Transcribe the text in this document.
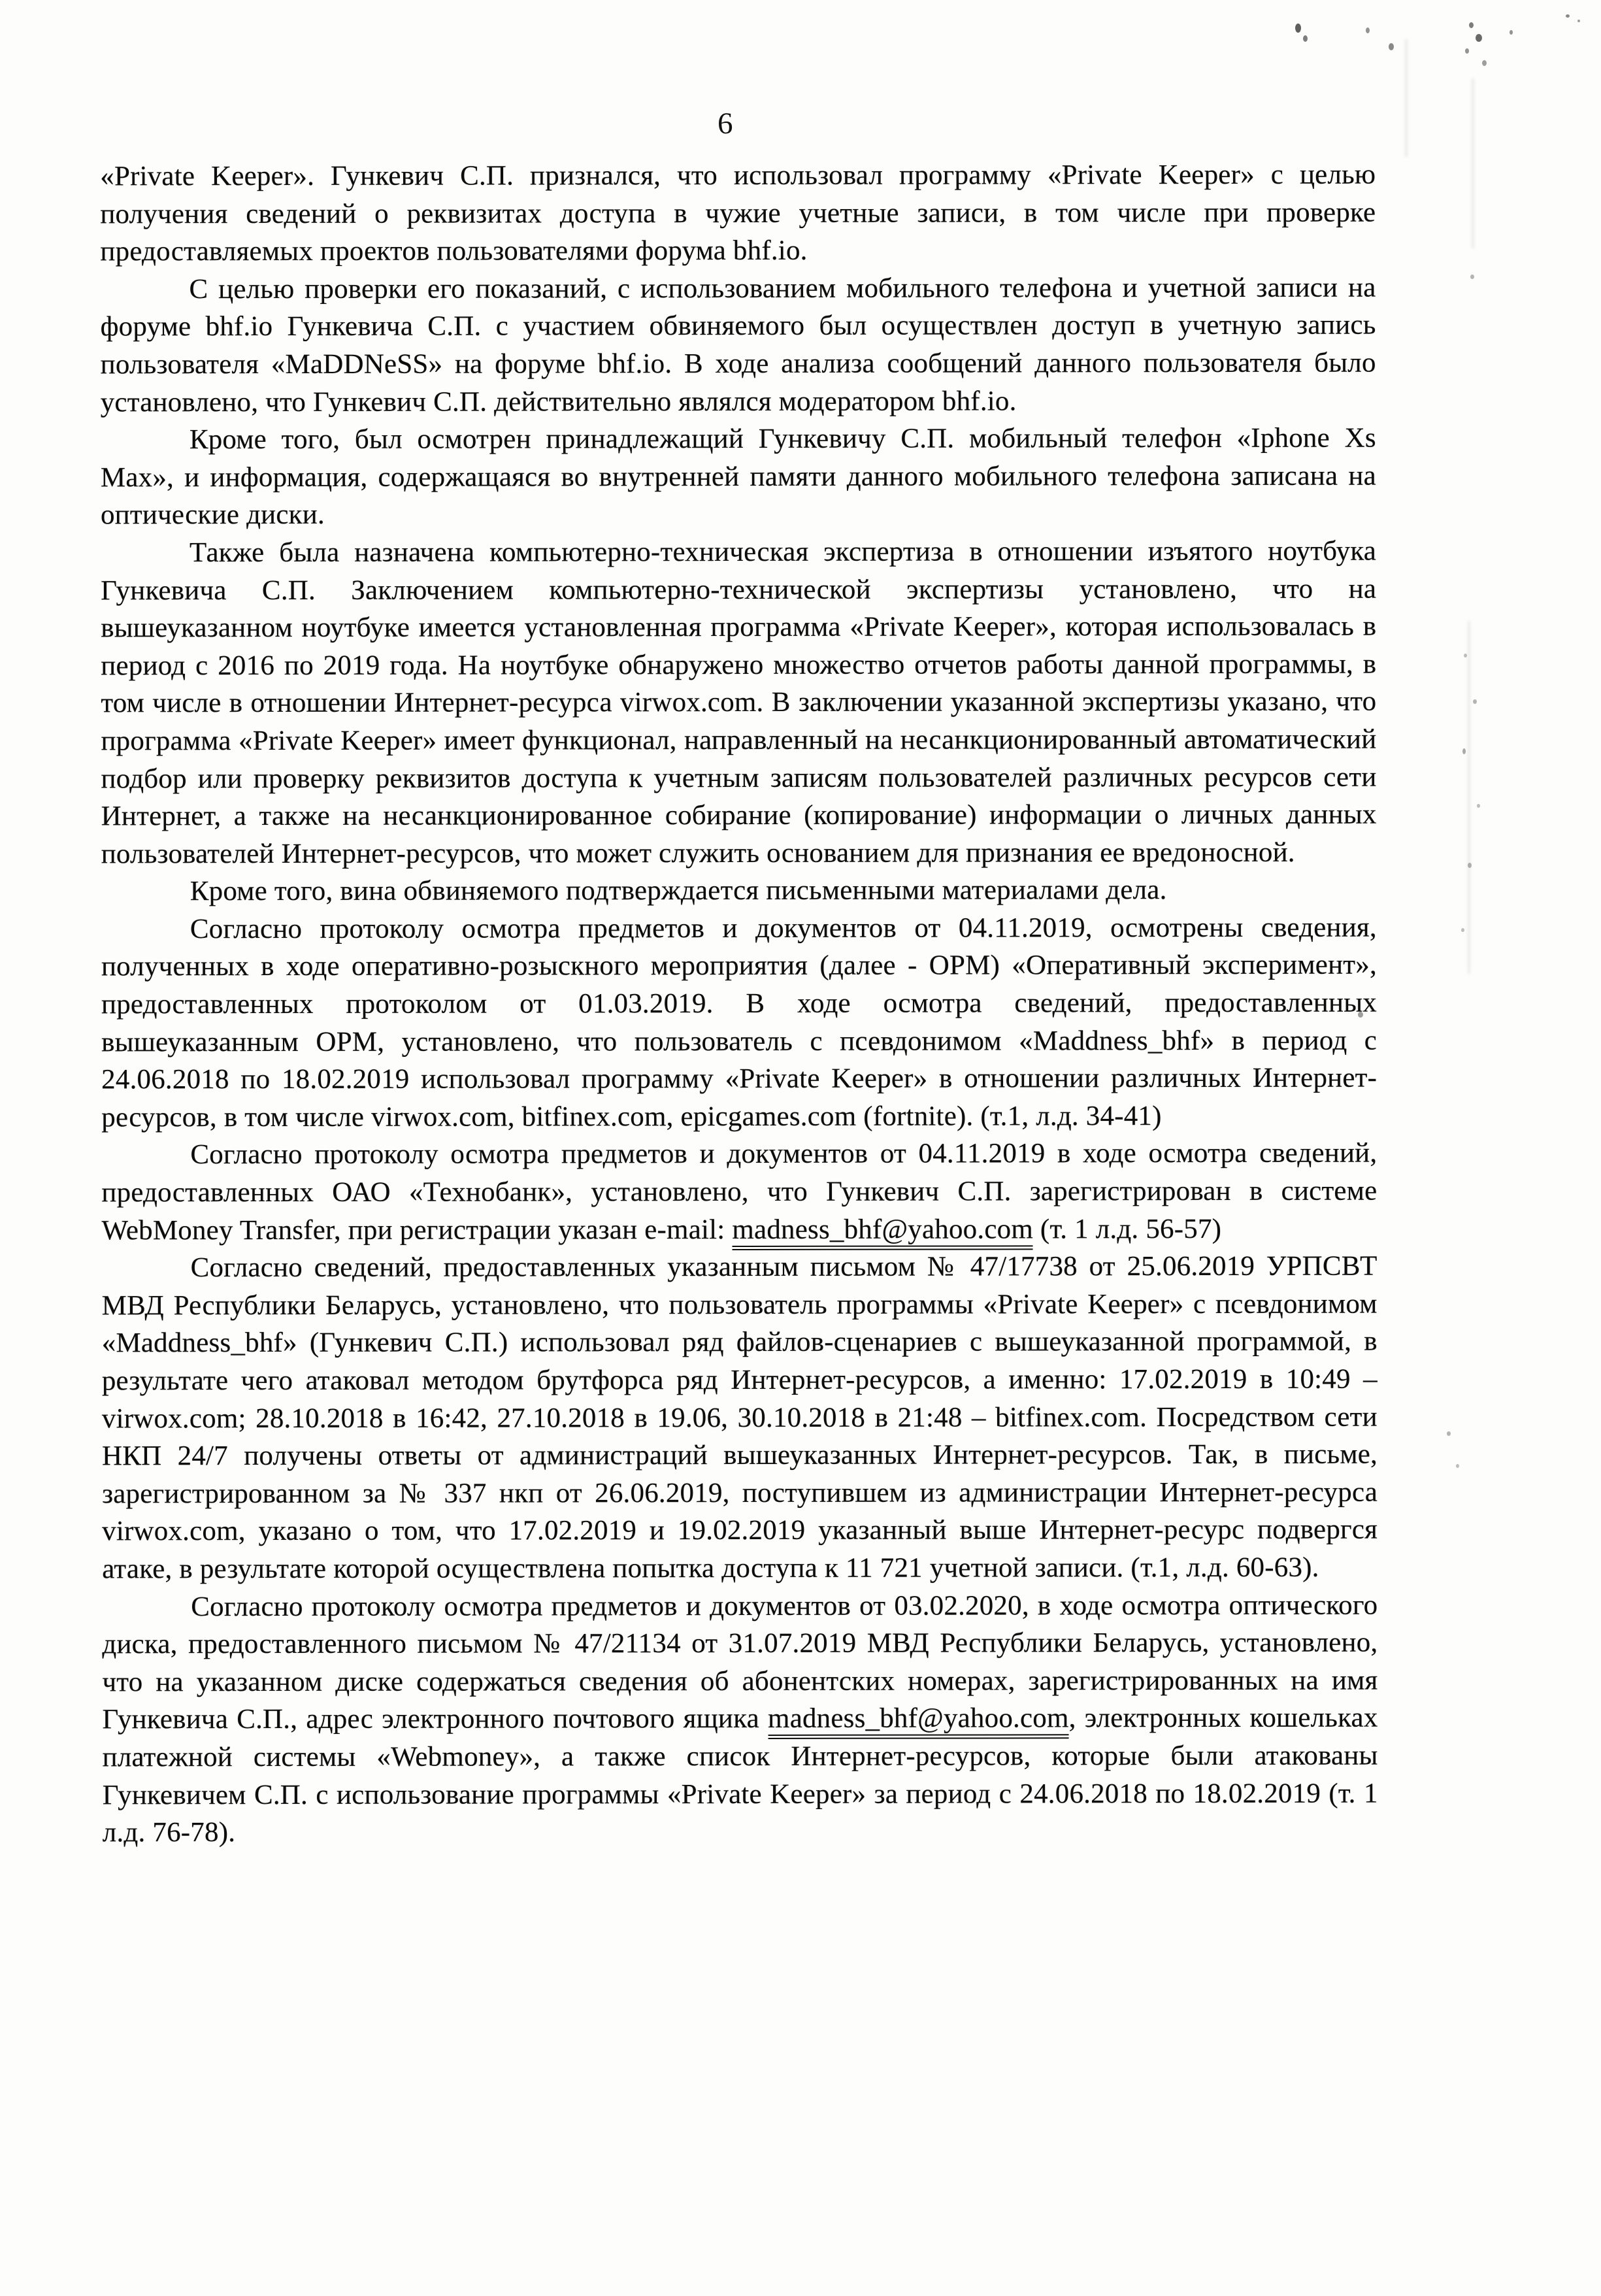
6

«Private Keeper». Гункевич С.П. признался, что использовал программу «Private Keeper» с целью получения сведений о реквизитах доступа в чужие учетные записи, в том числе при проверке предоставляемых проектов пользователями форума bhf.io.

С целью проверки его показаний, с использованием мобильного телефона и учетной записи на форуме bhf.io Гункевича С.П. с участием обвиняемого был осуществлен доступ в учетную запись пользователя «MaDDNeSS» на форуме bhf.io. В ходе анализа сообщений данного пользователя было установлено, что Гункевич С.П. действительно являлся модератором bhf.io.

Кроме того, был осмотрен принадлежащий Гункевичу С.П. мобильный телефон «Iphone Xs Max», и информация, содержащаяся во внутренней памяти данного мобильного телефона записана на оптические диски.

Также была назначена компьютерно-техническая экспертиза в отношении изъятого ноутбука Гункевича С.П. Заключением компьютерно-технической экспертизы установлено, что на вышеуказанном ноутбуке имеется установленная программа «Private Keeper», которая использовалась в период с 2016 по 2019 года. На ноутбуке обнаружено множество отчетов работы данной программы, в том числе в отношении Интернет-ресурса virwox.com. В заключении указанной экспертизы указано, что программа «Private Keeper» имеет функционал, направленный на несанкционированный автоматический подбор или проверку реквизитов доступа к учетным записям пользователей различных ресурсов сети Интернет, а также на несанкционированное собирание (копирование) информации о личных данных пользователей Интернет-ресурсов, что может служить основанием для признания ее вредоносной.

Кроме того, вина обвиняемого подтверждается письменными материалами дела.

Согласно протоколу осмотра предметов и документов от 04.11.2019, осмотрены сведения, полученных в ходе оперативно-розыскного мероприятия (далее - ОРМ) «Оперативный эксперимент», предоставленных протоколом от 01.03.2019. В ходе осмотра сведений, предоставленных вышеуказанным ОРМ, установлено, что пользователь с псевдонимом «Maddness_bhf» в период с 24.06.2018 по 18.02.2019 использовал программу «Private Keeper» в отношении различных Интернет-ресурсов, в том числе virwox.com, bitfinex.com, epicgames.com (fortnite). (т.1, л.д. 34-41)

Согласно протоколу осмотра предметов и документов от 04.11.2019 в ходе осмотра сведений, предоставленных ОАО «Технобанк», установлено, что Гункевич С.П. зарегистрирован в системе WebMoney Transfer, при регистрации указан e-mail: madness_bhf@yahoo.com (т. 1 л.д. 56-57)

Согласно сведений, предоставленных указанным письмом № 47/17738 от 25.06.2019 УРПСВТ МВД Республики Беларусь, установлено, что пользователь программы «Private Keeper» с псевдонимом «Maddness_bhf» (Гункевич С.П.) использовал ряд файлов-сценариев с вышеуказанной программой, в результате чего атаковал методом брутфорса ряд Интернет-ресурсов, а именно: 17.02.2019 в 10:49 – virwox.com; 28.10.2018 в 16:42, 27.10.2018 в 19.06, 30.10.2018 в 21:48 – bitfinex.com. Посредством сети НКП 24/7 получены ответы от администраций вышеуказанных Интернет-ресурсов. Так, в письме, зарегистрированном за № 337 нкп от 26.06.2019, поступившем из администрации Интернет-ресурса virwox.com, указано о том, что 17.02.2019 и 19.02.2019 указанный выше Интернет-ресурс подвергся атаке, в результате которой осуществлена попытка доступа к 11 721 учетной записи. (т.1, л.д. 60-63).

Согласно протоколу осмотра предметов и документов от 03.02.2020, в ходе осмотра оптического диска, предоставленного письмом № 47/21134 от 31.07.2019 МВД Республики Беларусь, установлено, что на указанном диске содержаться сведения об абонентских номерах, зарегистрированных на имя Гункевича С.П., адрес электронного почтового ящика madness_bhf@yahoo.com, электронных кошельках платежной системы «Webmoney», а также список Интернет-ресурсов, которые были атакованы Гункевичем С.П. с использование программы «Private Keeper» за период с 24.06.2018 по 18.02.2019 (т. 1 л.д. 76-78).
